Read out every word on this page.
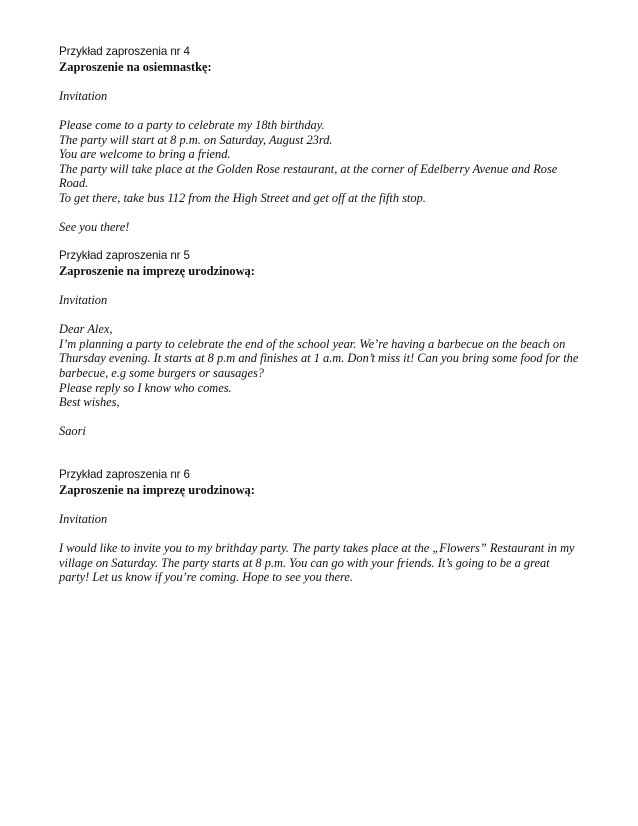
Przykład zaproszenia nr 4

Zaproszenie na osiemnastkę:

Invitation

Please come to a party to celebrate my 18th birthday.

The party will start at 8 p.m. on Saturday, August 23rd.

You are welcome to bring a friend.

The party will take place at the Golden Rose restaurant, at the corner of Edelberry Avenue and Rose Road.

To get there, take bus 112 from the High Street and get off at the fifth stop.

See you there!

Przykład zaproszenia nr 5

Zaproszenie na imprezę urodzinową:

Invitation

Dear Alex,

I’m planning a party to celebrate the end of the school year. We’re having a barbecue on the beach on Thursday evening. It starts at 8 p.m and finishes at 1 a.m. Don’t miss it! Can you bring some food for the barbecue, e.g some burgers or sausages?

Please reply so I know who comes.

Best wishes,

Saori

Przykład zaproszenia nr 6

Zaproszenie na imprezę urodzinową:

Invitation

I would like to invite you to my brithday party. The party takes place at the „Flowers” Restaurant in my village on Saturday. The party starts at 8 p.m. You can go with your friends. It’s going to be a great party! Let us know if you’re coming. Hope to see you there.
